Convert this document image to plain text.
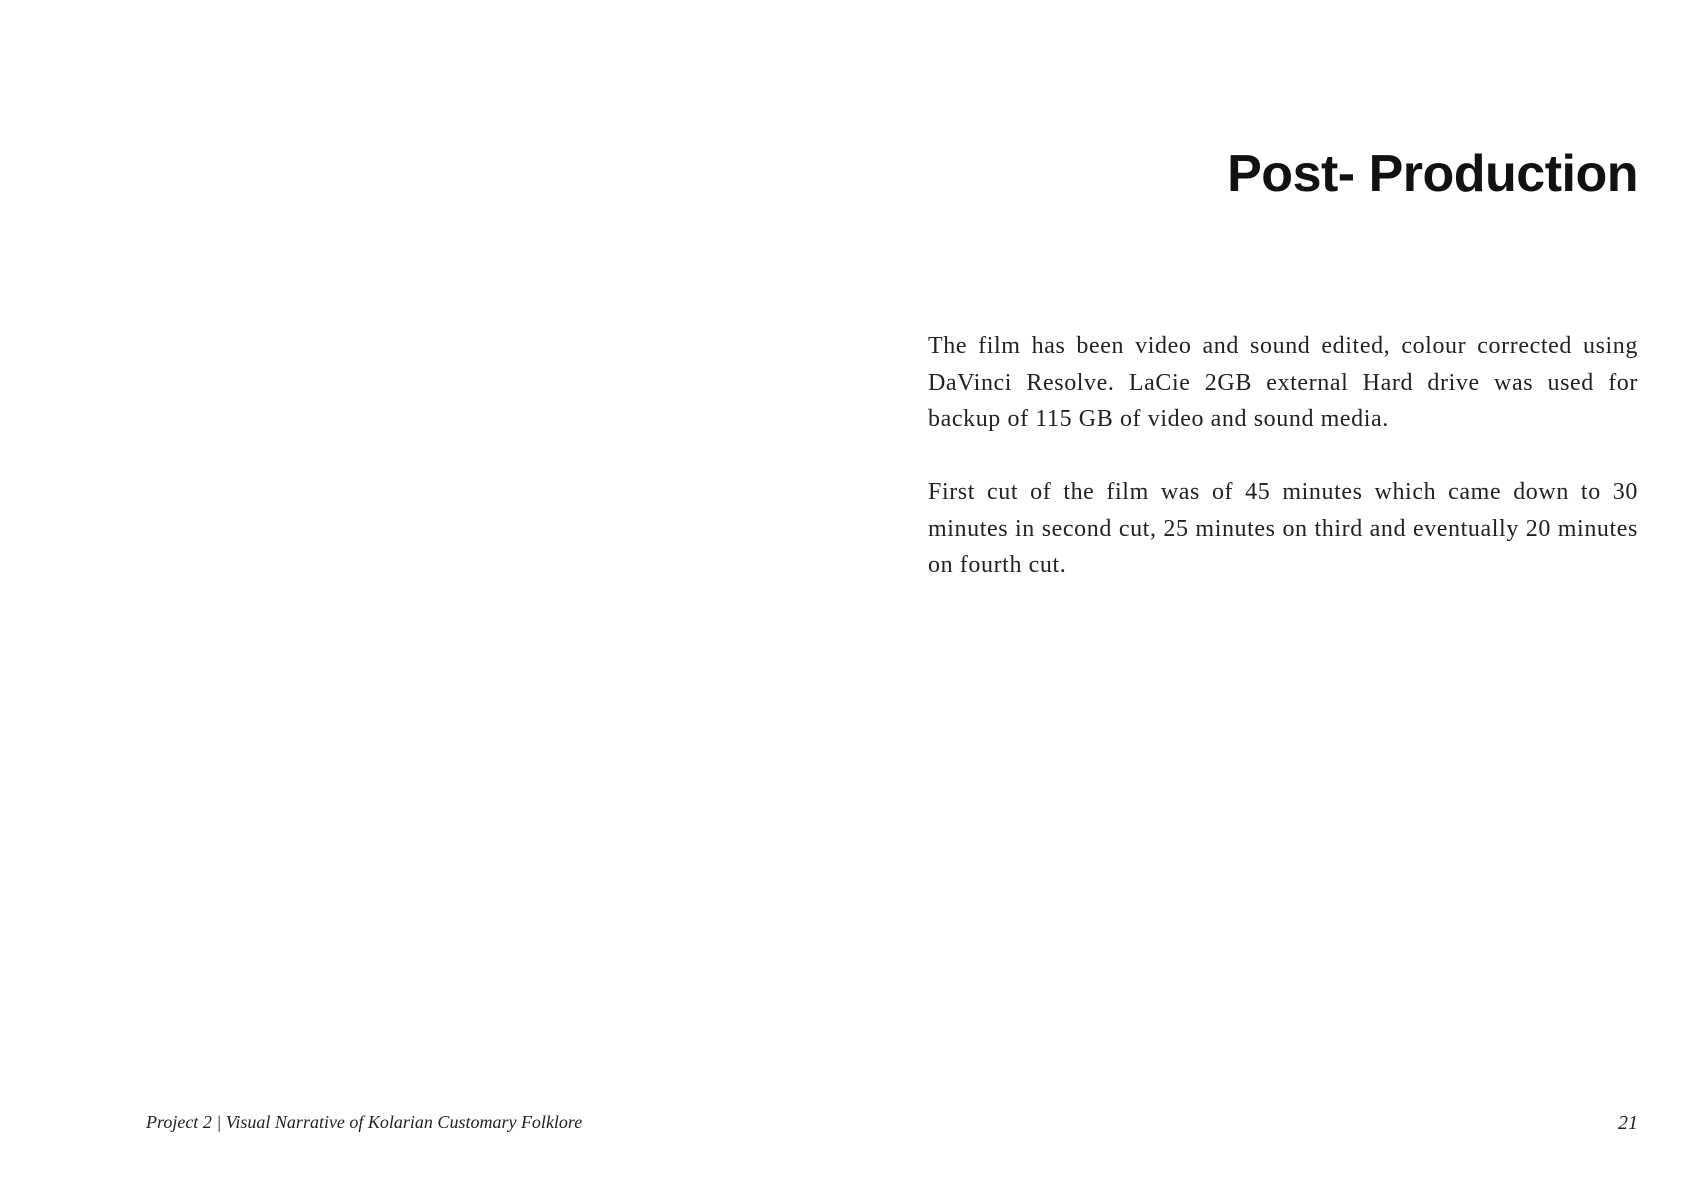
Post- Production

The film has been video and sound edited, colour corrected using DaVinci Resolve. LaCie 2GB external Hard drive was used for backup of 115 GB of video and sound media.

First cut of the film was of 45 minutes which came down to 30 minutes in second cut, 25 minutes on third and eventually 20 minutes on fourth cut.

Project 2 | Visual Narrative of Kolarian Customary Folklore	21
